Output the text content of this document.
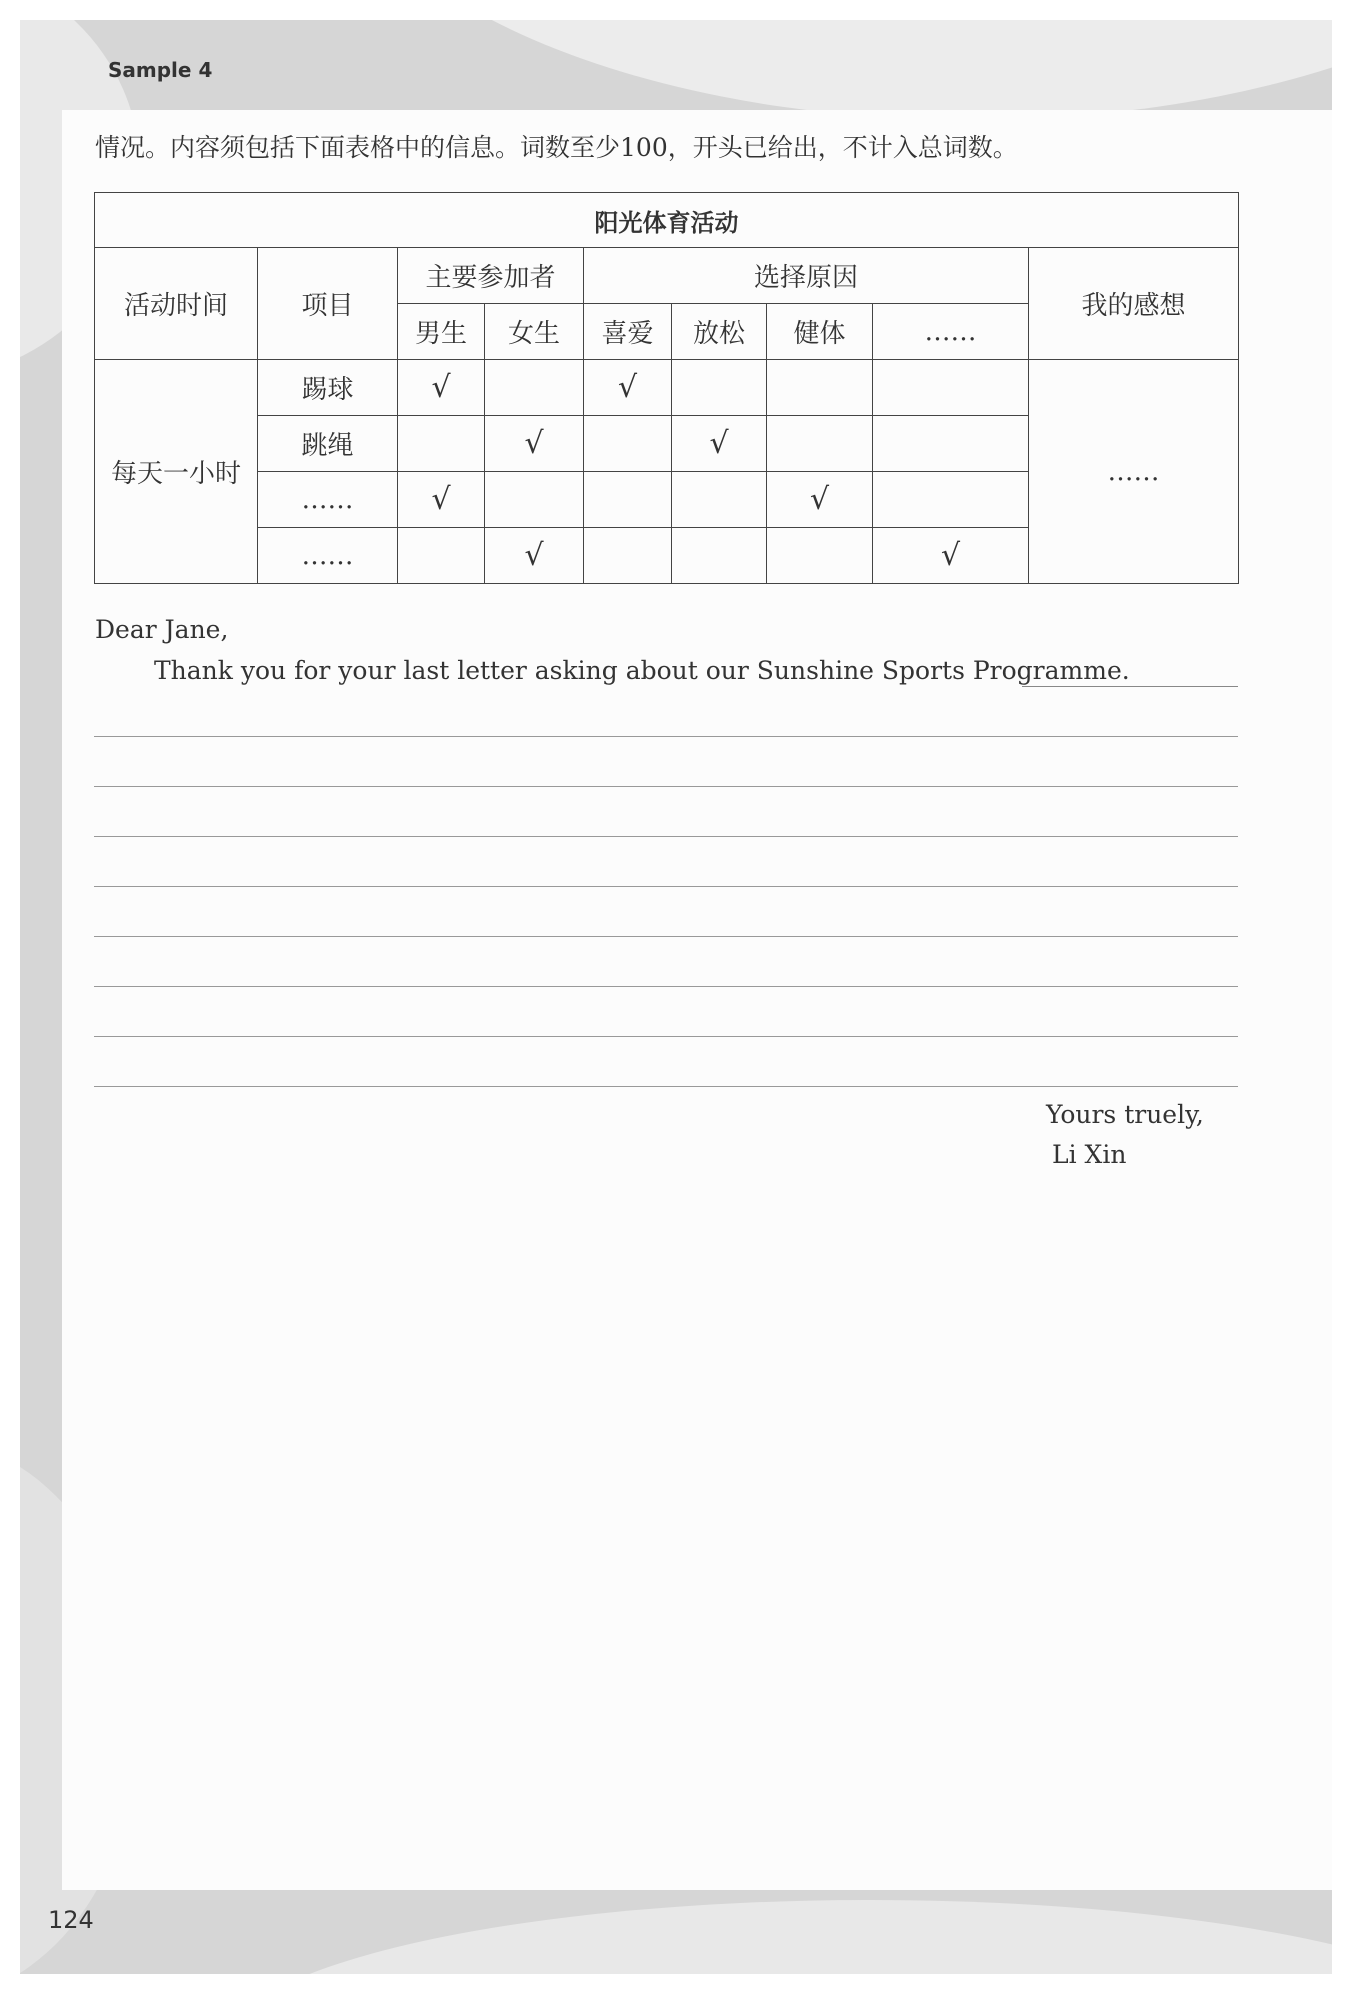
Sample 4
情况。内容须包括下面表格中的信息。词数至少100，开头已给出，不计入总词数。
阳光体育活动								
活动时间	项目	主要参加者		选择原因				我的感想
		男生	女生	喜爱	放松	健体	……	
每天一小时	踢球	√		√				……
	跳绳		√		√			
	……	√				√		
	……		√				√	
Dear Jane,
Thank you for your last letter asking about our Sunshine Sports Programme.
Yours truely,
Li Xin
124
